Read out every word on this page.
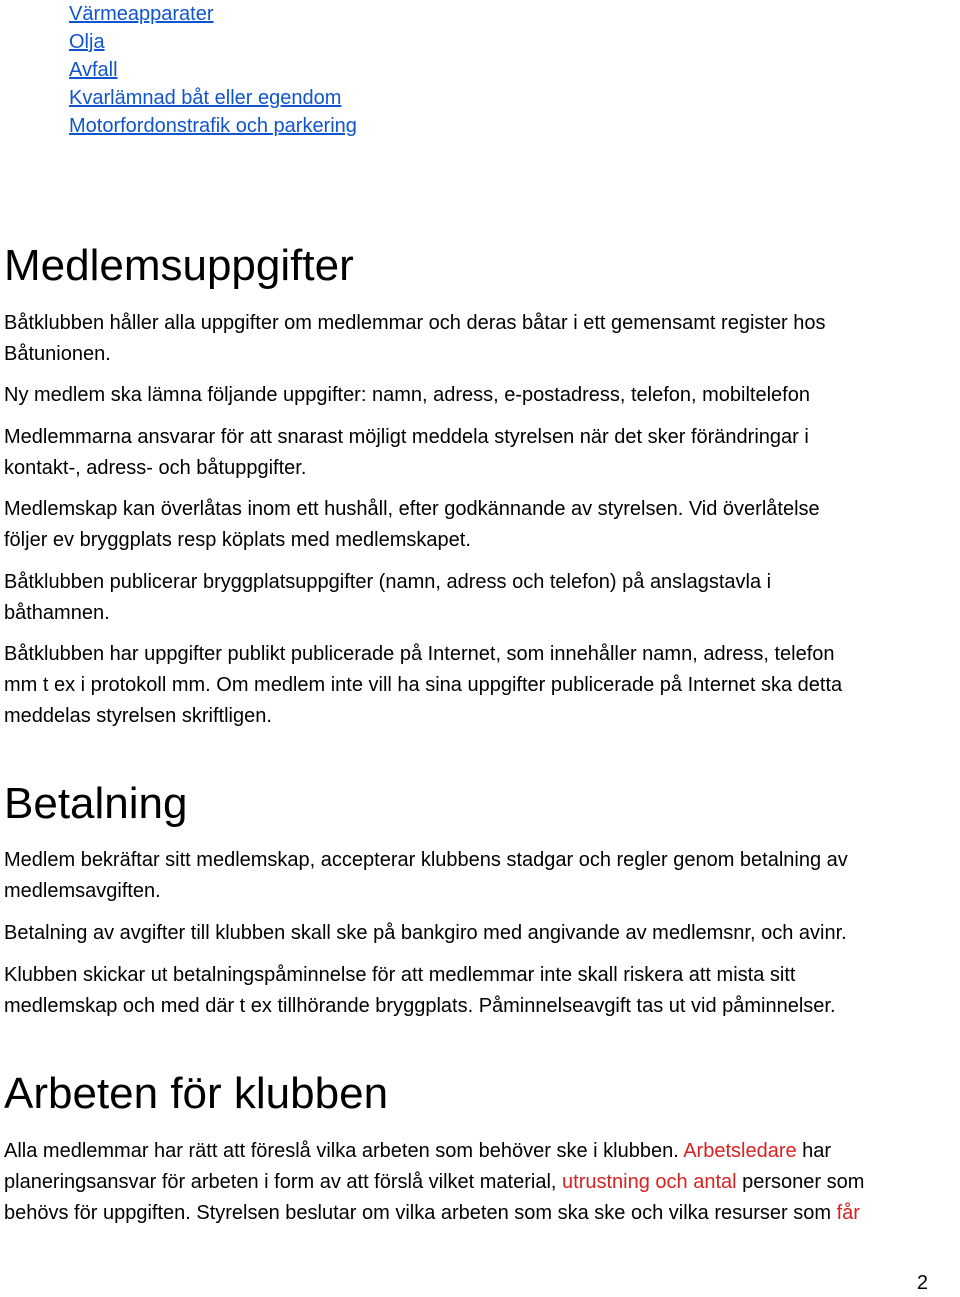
Värmeapparater
Olja
Avfall
Kvarlämnad båt eller egendom
Motorfordonstrafik och parkering
Medlemsuppgifter

Båtklubben håller alla uppgifter om medlemmar och deras båtar i ett gemensamt register hos

Båtunionen.

Ny medlem ska lämna följande uppgifter: namn, adress, e-postadress, telefon, mobiltelefon

Medlemmarna ansvarar för att snarast möjligt meddela styrelsen när det sker förändringar i

kontakt-, adress- och båtuppgifter.

Medlemskap kan överlåtas inom ett hushåll, efter godkännande av styrelsen. Vid överlåtelse

följer ev bryggplats resp köplats med medlemskapet.

Båtklubben publicerar bryggplatsuppgifter (namn, adress och telefon) på anslagstavla i

båthamnen.

Båtklubben har uppgifter publikt publicerade på Internet, som innehåller namn, adress, telefon

mm t ex i protokoll mm. Om medlem inte vill ha sina uppgifter publicerade på Internet ska detta

meddelas styrelsen skriftligen.

Betalning

Medlem bekräftar sitt medlemskap, accepterar klubbens stadgar och regler genom betalning av

medlemsavgiften.

Betalning av avgifter till klubben skall ske på bankgiro med angivande av medlemsnr, och avinr.

Klubben skickar ut betalningspåminnelse för att medlemmar inte skall riskera att mista sitt

medlemskap och med där t ex tillhörande bryggplats. Påminnelseavgift tas ut vid påminnelser.

Arbeten för klubben

Alla medlemmar har rätt att föreslå vilka arbeten som behöver ske i klubben. Arbetsledare har

planeringsansvar för arbeten i form av att förslå vilket material, utrustning och antal personer som

behövs för uppgiften. Styrelsen beslutar om vilka arbeten som ska ske och vilka resurser som får

2
